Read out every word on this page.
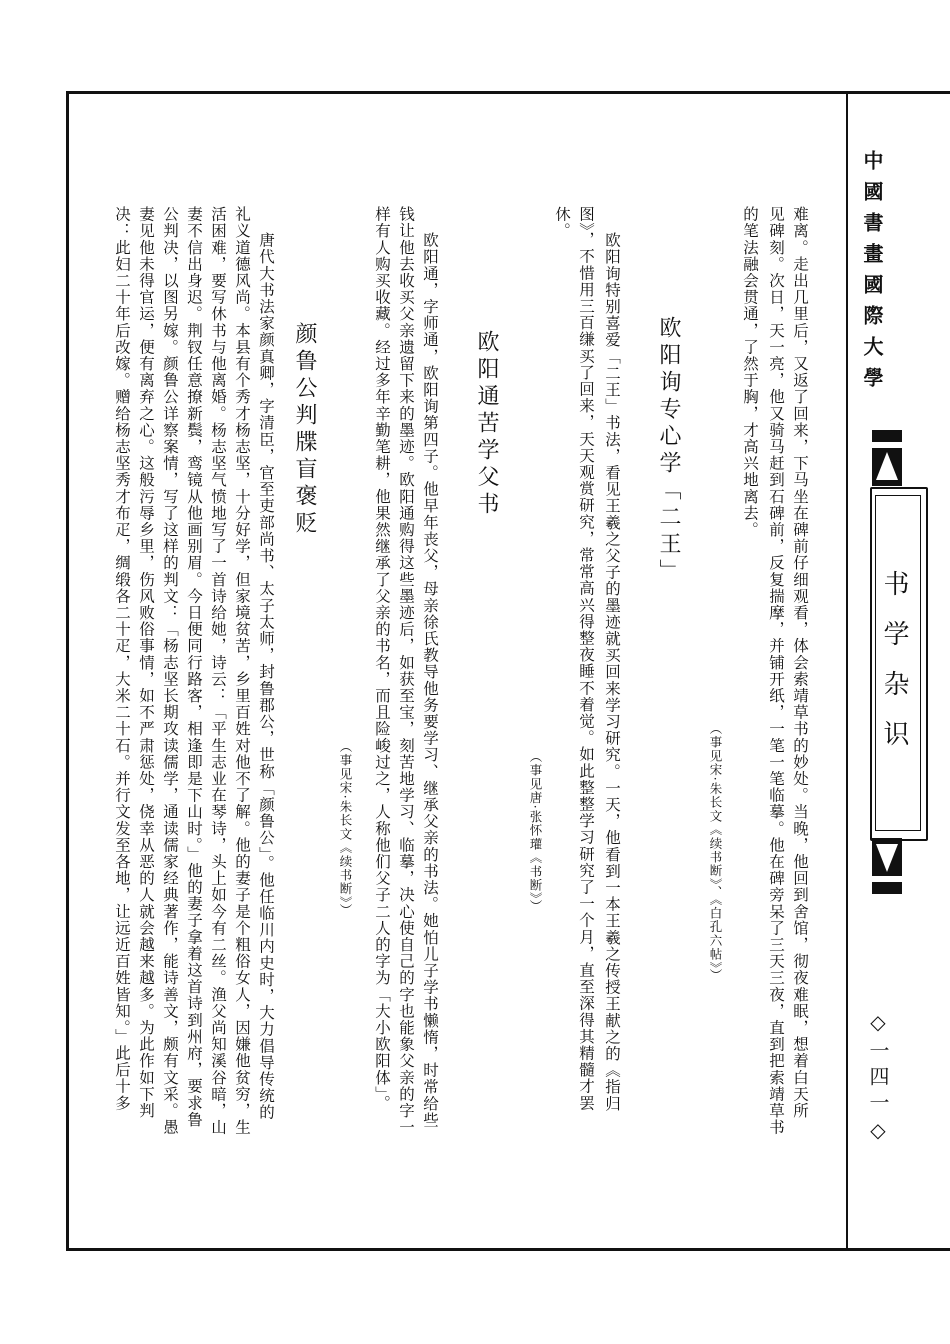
中國書畫國際大學
书学杂识
◇一四一◇
难离。走出几里后，又返了回来，下马坐在碑前仔细观看，体会索靖草书的妙处。当晚，他回到舍馆，彻夜难眠，想着白天所
见碑刻。次日，天一亮，他又骑马赶到石碑前，反复揣摩，并铺开纸，一笔一笔临摹。他在碑旁呆了三天三夜，直到把索靖草书
的笔法融会贯通，了然于胸，才高兴地离去。
（事见宋·朱长文《续书断》、《白孔六帖》）
欧阳询专心学「二王」
欧阳询特别喜爱「二王」书法，看见王羲之父子的墨迹就买回来学习研究。一天，他看到一本王羲之传授王献之的《指归
图》，不惜用三百缣买了回来，天天观赏研究，常常高兴得整夜睡不着觉。如此整整学习研究了一个月，直至深得其精髓才罢
休。
（事见唐·张怀瓘《书断》）
欧阳通苦学父书
欧阳通，字师通，欧阳询第四子。他早年丧父，母亲徐氏教导他务要学习、继承父亲的书法。她怕儿子学书懒惰，时常给些
钱让他去收买父亲遗留下来的墨迹。欧阳通购得这些墨迹后，如获至宝，刻苦地学习、临摹，决心使自己的字也能象父亲的字一
样有人购买收藏。经过多年辛勤笔耕，他果然继承了父亲的书名，而且险峻过之，人称他们父子二人的字为「大小欧阳体」。
（事见宋·朱长文《续书断》）
颜鲁公判牒盲褒贬
唐代大书法家颜真卿，字清臣，官至吏部尚书、太子太师，封鲁郡公，世称「颜鲁公」。他任临川内史时，大力倡导传统的
礼义道德风尚。本县有个秀才杨志坚，十分好学，但家境贫苦，乡里百姓对他不了解。他的妻子是个粗俗女人，因嫌他贫穷，生
活困难，要写休书与他离婚。杨志坚气愤地写了一首诗给她，诗云：「平生志业在琴诗，头上如今有二丝。渔父尚知溪谷暗，山
妻不信出身迟。荆钗任意撩新鬓，鸾镜从他画别眉。今日便同行路客，相逢即是下山时。」他的妻子拿着这首诗到州府，要求鲁
公判决，以图另嫁。颜鲁公详察案情，写了这样的判文：「杨志坚长期攻读儒学，通读儒家经典著作，能诗善文，颇有文采。愚
妻见他未得官运，便有离弃之心。这般污辱乡里，伤风败俗事情，如不严肃惩处，侥幸从恶的人就会越来越多。为此作如下判
决：此妇二十年后改嫁。赠给杨志坚秀才布疋，绸缎各二十疋，大米二十石。并行文发至各地，让远近百姓皆知。」此后十多
